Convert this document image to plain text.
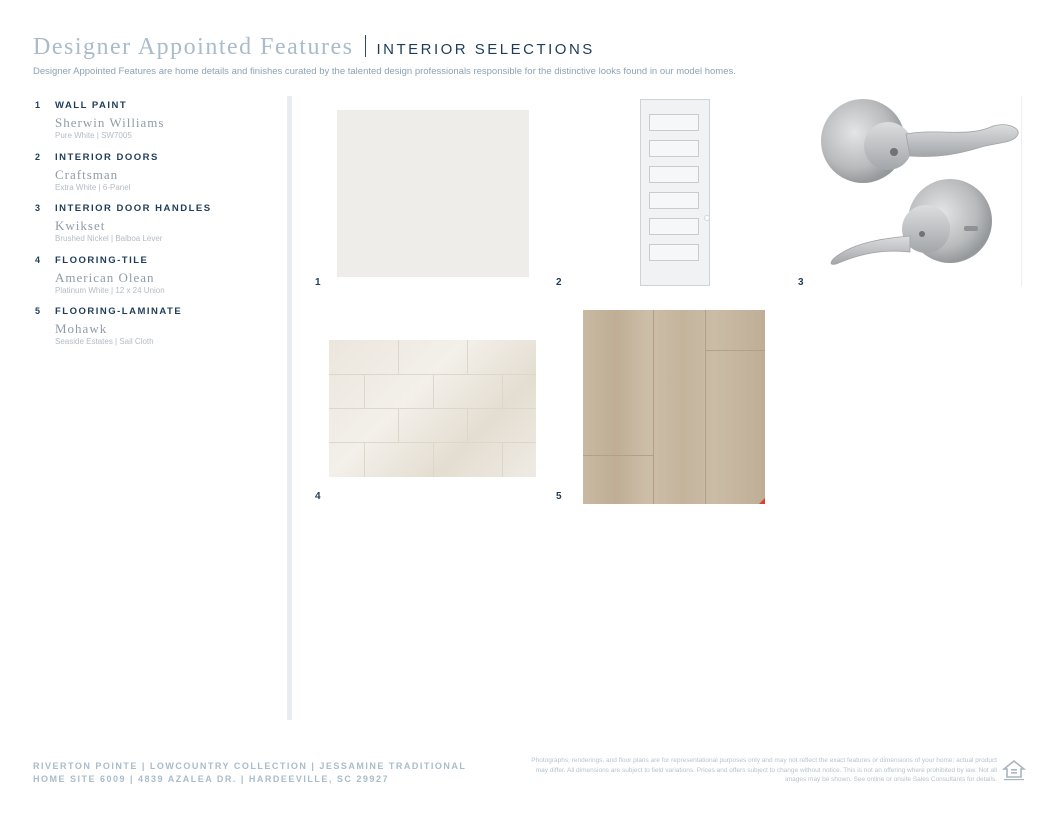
Designer Appointed Features INTERIOR SELECTIONS
Designer Appointed Features are home details and finishes curated by the talented design professionals responsible for the distinctive looks found in our model homes.
1 WALL PAINT
Sherwin Williams
Pure White | SW7005
2 INTERIOR DOORS
Craftsman
Extra White | 6-Panel
3 INTERIOR DOOR HANDLES
Kwikset
Brushed Nickel | Balboa Lever
4 FLOORING-TILE
American Olean
Platinum White | 12 x 24 Union
5 FLOORING-LAMINATE
Mohawk
Seaside Estates | Sail Cloth
1	2	3
4	5
RIVERTON POINTE | LOWCOUNTRY COLLECTION | JESSAMINE TRADITIONAL
HOME SITE 6009 | 4839 AZALEA DR. | HARDEEVILLE, SC 29927
Photographs, renderings, and floor plans are for representational purposes only and may not reflect the exact features or dimensions of your home; actual product may differ. All dimensions are subject to field variations. Prices and offers subject to change without notice. This is not an offering where prohibited by law. Not all images may be shown. See online or onsite Sales Consultants for details.
